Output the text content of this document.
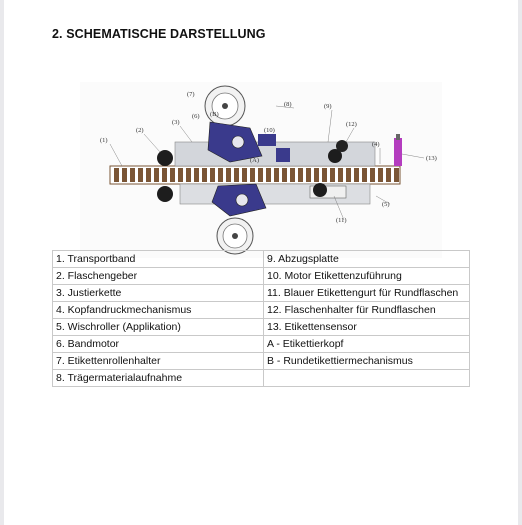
2. SCHEMATISCHE DARSTELLUNG
(1)
(2)
(3)
(4)
(5)
(6)
(7)
(8)	(9)
(10)
(11)
(12)
(13)
(B)
(A)
1. Transportband	9. Abzugsplatte
2. Flaschengeber	10. Motor Etikettenzuführung
3. Justierkette	11. Blauer Etikettengurt für Rundflaschen
4. Kopfandruckmechanismus	12. Flaschenhalter für Rundflaschen
5. Wischroller (Applikation)	13. Etikettensensor
6. Bandmotor	A - Etikettierkopf
7. Etikettenrollenhalter	B - Rundetikettiermechanismus
8. Trägermaterialaufnahme	
